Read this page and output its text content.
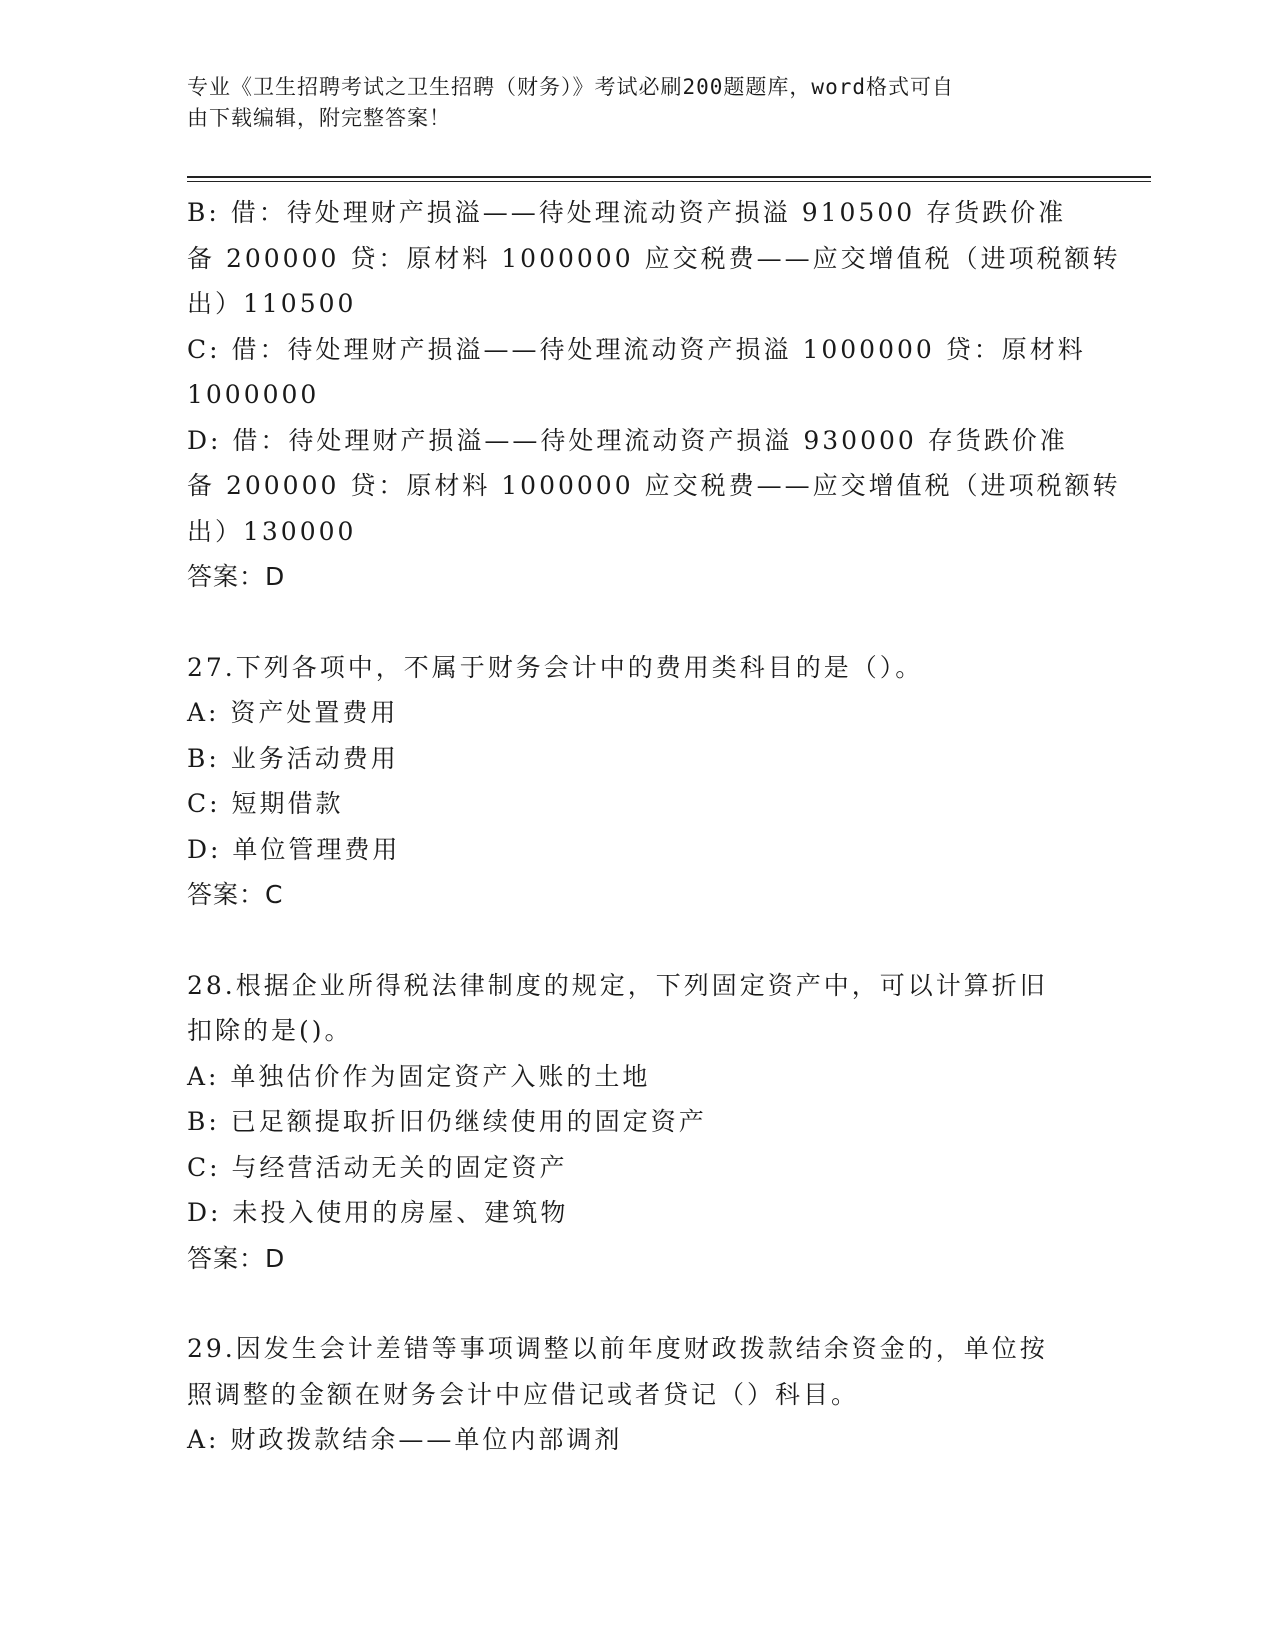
专业《卫生招聘考试之卫生招聘（财务）》考试必刷200题题库，word格式可自
由下载编辑，附完整答案！
B: 借：待处理财产损溢——待处理流动资产损溢 910500 存货跌价准
备 200000 贷：原材料 1000000 应交税费——应交增值税（进项税额转
出）110500
C: 借：待处理财产损溢——待处理流动资产损溢 1000000 贷：原材料
1000000
D: 借：待处理财产损溢——待处理流动资产损溢 930000 存货跌价准
备 200000 贷：原材料 1000000 应交税费——应交增值税（进项税额转
出）130000
答案：D
27.下列各项中，不属于财务会计中的费用类科目的是（）。
A: 资产处置费用
B: 业务活动费用
C: 短期借款
D: 单位管理费用
答案：C
28.根据企业所得税法律制度的规定，下列固定资产中，可以计算折旧
扣除的是()。
A: 单独估价作为固定资产入账的土地
B: 已足额提取折旧仍继续使用的固定资产
C: 与经营活动无关的固定资产
D: 未投入使用的房屋、建筑物
答案：D
29.因发生会计差错等事项调整以前年度财政拨款结余资金的，单位按
照调整的金额在财务会计中应借记或者贷记（）科目。
A: 财政拨款结余——单位内部调剂
